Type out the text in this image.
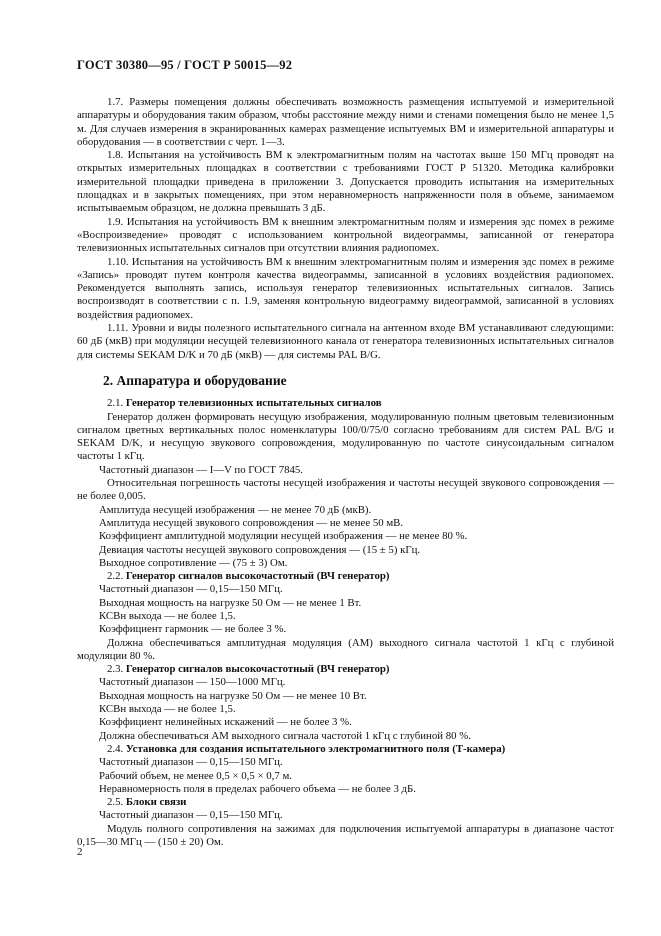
ГОСТ 30380—95 / ГОСТ Р 50015—92

1.7. Размеры помещения должны обеспечивать возможность размещения испытуемой и измерительной аппаратуры и оборудования таким образом, чтобы расстояние между ними и стенами помещения было не менее 1,5 м. Для случаев измерения в экранированных камерах размещение испытуемых ВМ и измерительной аппаратуры и оборудования — в соответствии с черт. 1—3.

1.8. Испытания на устойчивость ВМ к электромагнитным полям на частотах выше 150 МГц проводят на открытых измерительных площадках в соответствии с требованиями ГОСТ Р 51320. Методика калибровки измерительной площадки приведена в приложении 3. Допускается проводить испытания на измерительных площадках и в закрытых помещениях, при этом неравномерность напряженности поля в объеме, занимаемом испытываемым образцом, не должна превышать 3 дБ.

1.9. Испытания на устойчивость ВМ к внешним электромагнитным полям и измерения эдс помех в режиме «Воспроизведение» проводят с использованием контрольной видеограммы, записанной от генератора телевизионных испытательных сигналов при отсутствии влияния радиопомех.

1.10. Испытания на устойчивость ВМ к внешним электромагнитным полям и измерения эдс помех в режиме «Запись» проводят путем контроля качества видеограммы, записанной в условиях воздействия радиопомех. Рекомендуется выполнять запись, используя генератор телевизионных испытательных сигналов. Запись воспроизводят в соответствии с п. 1.9, заменяя контрольную видеограмму видеограммой, записанной в условиях воздействия радиопомех.

1.11. Уровни и виды полезного испытательного сигнала на антенном входе ВМ устанавливают следующими: 60 дБ (мкВ) при модуляции несущей телевизионного канала от генератора телевизионных испытательных сигналов для системы SEKAM D/K и 70 дБ (мкВ) — для системы PAL B/G.

2. Аппаратура и оборудование

2.1. Генератор телевизионных испытательных сигналов

Генератор должен формировать несущую изображения, модулированную полным цветовым телевизионным сигналом цветных вертикальных полос номенклатуры 100/0/75/0 согласно требованиям для систем PAL B/G и SEKAM D/K, и несущую звукового сопровождения, модулированную по частоте синусоидальным сигналом частоты 1 кГц.

Частотный диапазон — I—V по ГОСТ 7845.

Относительная погрешность частоты несущей изображения и частоты несущей звукового сопровождения — не более 0,005.

Амплитуда несущей изображения — не менее 70 дБ (мкВ).

Амплитуда несущей звукового сопровождения — не менее 50 мВ.

Коэффициент амплитудной модуляции несущей изображения — не менее 80 %.

Девиация частоты несущей звукового сопровождения — (15 ± 5) кГц.

Выходное сопротивление — (75 ± 3) Ом.

2.2. Генератор сигналов высокочастотный (ВЧ генератор)

Частотный диапазон — 0,15—150 МГц.

Выходная мощность на нагрузке 50 Ом — не менее 1 Вт.

КСВн выхода — не более 1,5.

Коэффициент гармоник — не более 3 %.

Должна обеспечиваться амплитудная модуляция (АМ) выходного сигнала частотой 1 кГц с глубиной модуляции 80 %.

2.3. Генератор сигналов высокочастотный (ВЧ генератор)

Частотный диапазон — 150—1000 МГц.

Выходная мощность на нагрузке 50 Ом — не менее 10 Вт.

КСВн выхода — не более 1,5.

Коэффициент нелинейных искажений — не более 3 %.

Должна обеспечиваться АМ выходного сигнала частотой 1 кГц с глубиной 80 %.

2.4. Установка для создания испытательного электромагнитного поля (Т-камера)

Частотный диапазон — 0,15—150 МГц.

Рабочий объем, не менее 0,5 × 0,5 × 0,7 м.

Неравномерность поля в пределах рабочего объема — не более 3 дБ.

2.5. Блоки связи

Частотный диапазон — 0,15—150 МГц.

Модуль полного сопротивления на зажимах для подключения испытуемой аппаратуры в диапазоне частот 0,15—30 МГц — (150 ± 20) Ом.

2
